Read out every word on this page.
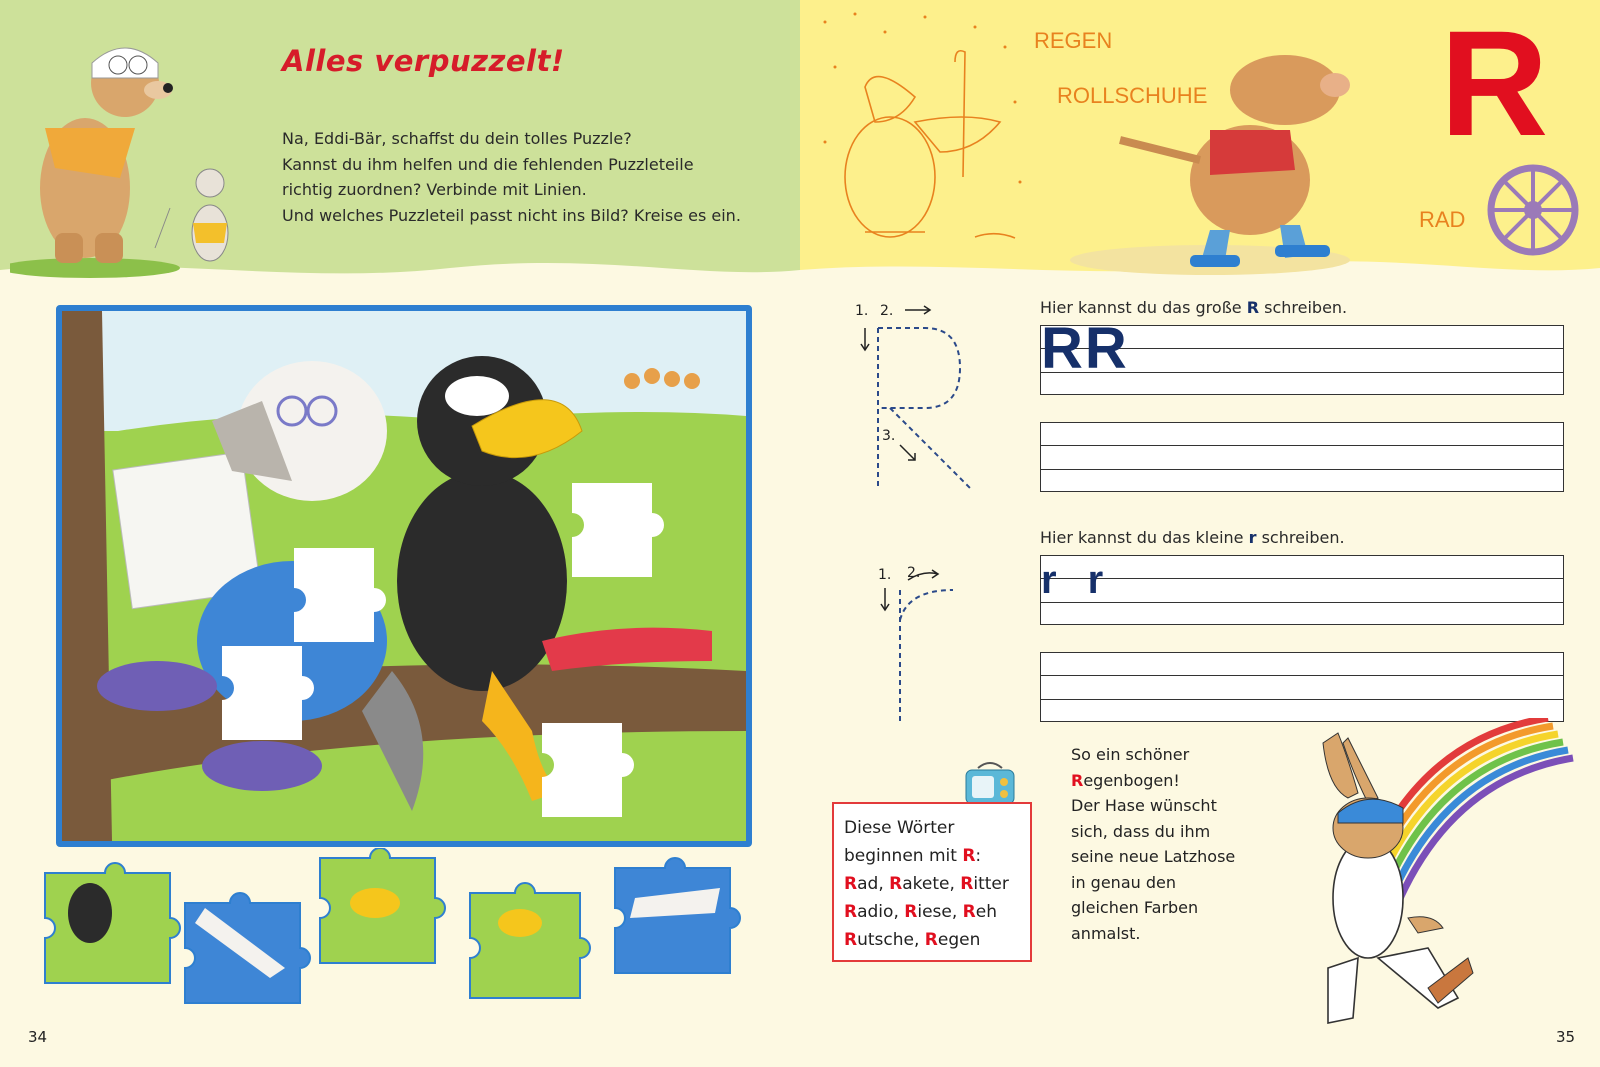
Alles verpuzzelt!
Na, Eddi-Bär, schaffst du dein tolles Puzzle?
Kannst du ihm helfen und die fehlenden Puzzleteile
richtig zuordnen? Verbinde mit Linien.
Und welches Puzzleteil passt nicht ins Bild? Kreise es ein.
34
REGEN
ROLLSCHUHE
RAD
R
1. 2.
3.
Hier kannst du das große R schreiben.
RR
1. 2.
Hier kannst du das kleine r schreiben.
r r
Diese Wörter
beginnen mit R:
Rad, Rakete, Ritter
Radio, Riese, Reh
Rutsche, Regen
So ein schöner
Regenbogen!
Der Hase wünscht
sich, dass du ihm
seine neue Latzhose
in genau den
gleichen Farben
anmalst.
35
